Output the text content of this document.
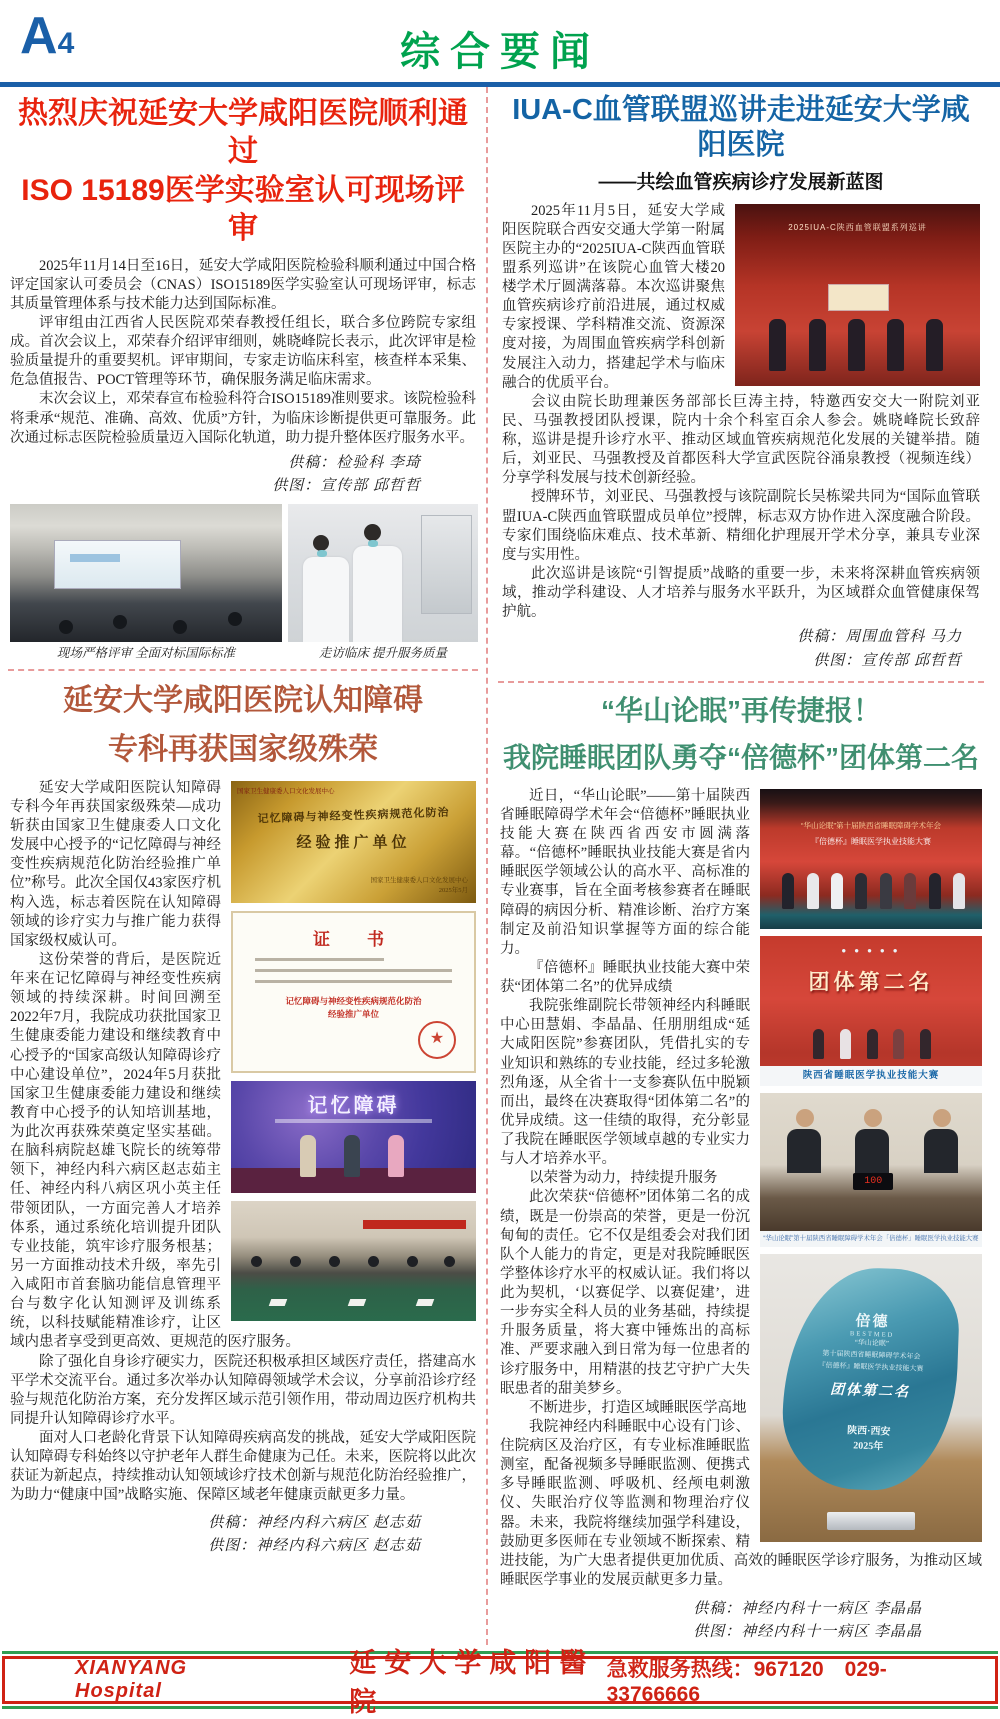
A4	综合要闻
热烈庆祝延安大学咸阳医院顺利通过
ISO 15189医学实验室认可现场评审

2025年11月14日至16日，延安大学咸阳医院检验科顺利通过中国合格评定国家认可委员会（CNAS）ISO15189医学实验室认可现场评审，标志其质量管理体系与技术能力达到国际标准。

评审组由江西省人民医院邓荣春教授任组长，联合多位跨院专家组成。首次会议上，邓荣春介绍评审细则，姚晓峰院长表示，此次评审是检验质量提升的重要契机。评审期间，专家走访临床科室，核查样本采集、危急值报告、POCT管理等环节，确保服务满足临床需求。

末次会议上，邓荣春宣布检验科符合ISO15189准则要求。该院检验科将秉承“规范、准确、高效、优质”方针，为临床诊断提供更可靠服务。此次通过标志医院检验质量迈入国际化轨道，助力提升整体医疗服务水平。

供稿：检验科 李琦
供图：宣传部 邱哲哲
现场严格评审 全面对标国际标准	走访临床 提升服务质量
延安大学咸阳医院认知障碍
专科再获国家级殊荣
国家卫生健康委人口文化发展中心
记忆障碍与神经变性疾病规范化防治
经验推广单位
国家卫生健康委人口文化发展中心
2025年5月
证　书
记忆障碍与神经变性疾病规范化防治
经验推广单位
★
记忆障碍

延安大学咸阳医院认知障碍专科今年再获国家级殊荣—成功斩获由国家卫生健康委人口文化发展中心授予的“记忆障碍与神经变性疾病规范化防治经验推广单位”称号。此次全国仅43家医疗机构入选，标志着医院在认知障碍领域的诊疗实力与推广能力获得国家级权威认可。

这份荣誉的背后，是医院近年来在记忆障碍与神经变性疾病领域的持续深耕。时间回溯至2022年7月，我院成功获批国家卫生健康委能力建设和继续教育中心授予的“国家高级认知障碍诊疗中心建设单位”，2024年5月获批国家卫生健康委能力建设和继续教育中心授予的认知培训基地，为此次再获殊荣奠定坚实基础。在脑科病院赵雄飞院长的统筹带领下，神经内科六病区赵志茹主任、神经内科八病区巩小英主任带领团队，一方面完善人才培养体系，通过系统化培训提升团队专业技能，筑牢诊疗服务根基；另一方面推动技术升级，率先引入咸阳市首套脑功能信息管理平台与数字化认知测评及训练系统，以科技赋能精准诊疗，让区域内患者享受到更高效、更规范的医疗服务。

除了强化自身诊疗硬实力，医院还积极承担区域医疗责任，搭建高水平学术交流平台。通过多次举办认知障碍领域学术会议，分享前沿诊疗经验与规范化防治方案，充分发挥区域示范引领作用，带动周边医疗机构共同提升认知障碍诊疗水平。

面对人口老龄化背景下认知障碍疾病高发的挑战，延安大学咸阳医院认知障碍专科始终以守护老年人群生命健康为己任。未来，医院将以此次获证为新起点，持续推动认知领域诊疗技术创新与规范化防治经验推广，为助力“健康中国”战略实施、保障区域老年健康贡献更多力量。

供稿：神经内科六病区 赵志茹
供图：神经内科六病区 赵志茹
IUA-C血管联盟巡讲走进延安大学咸阳医院
——共绘血管疾病诊疗发展新蓝图
2025IUA-C陕西血管联盟系列巡讲

2025年11月5日，延安大学咸阳医院联合西安交通大学第一附属医院主办的“2025IUA-C陕西血管联盟系列巡讲”在该院心血管大楼20楼学术厅圆满落幕。本次巡讲聚焦血管疾病诊疗前沿进展，通过权威专家授课、学科精准交流、资源深度对接，为周围血管疾病学科创新发展注入动力，搭建起学术与临床融合的优质平台。

会议由院长助理兼医务部部长巨涛主持，特邀西安交大一附院刘亚民、马强教授团队授课，院内十余个科室百余人参会。姚晓峰院长致辞称，巡讲是提升诊疗水平、推动区域血管疾病规范化发展的关键举措。随后，刘亚民、马强教授及首都医科大学宣武医院谷涌泉教授（视频连线）分享学科发展与技术创新经验。

授牌环节，刘亚民、马强教授与该院副院长吴栋梁共同为“国际血管联盟IUA-C陕西血管联盟成员单位”授牌，标志双方协作进入深度融合阶段。专家们围绕临床难点、技术革新、精细化护理展开学术分享，兼具专业深度与实用性。

此次巡讲是该院“引智提质”战略的重要一步，未来将深耕血管疾病领域，推动学科建设、人才培养与服务水平跃升，为区域群众血管健康保驾护航。

供稿：周围血管科 马力
供图：宣传部 邱哲哲
“华山论眠”再传捷报！
我院睡眠团队勇夺“倍德杯”团体第二名
“华山论眠”第十届陕西省睡眠障碍学术年会
『倍德杯』睡眠医学执业技能大赛
● ● ● ● ●
团体第二名
陕西省睡眠医学执业技能大赛
100
“华山论眠”第十届陕西省睡眠障碍学术年会「倍德杯」睡眠医学执业技能大赛
倍德
BESTMED
“华山论眠”
第十届陕西省睡眠障碍学术年会
『倍德杯』睡眠医学执业技能大赛
团体第二名
陕西·西安
2025年

近日，“华山论眠”——第十届陕西省睡眠障碍学术年会“倍德杯”睡眠执业技能大赛在陕西省西安市圆满落幕。“倍德杯”睡眠执业技能大赛是省内睡眠医学领域公认的高水平、高标准的专业赛事，旨在全面考核参赛者在睡眠障碍的病因分析、精准诊断、治疗方案制定及前沿知识掌握等方面的综合能力。

『倍德杯』睡眠执业技能大赛中荣获“团体第二名”的优异成绩

我院张维副院长带领神经内科睡眠中心田慧娟、李晶晶、任朋朋组成“延大咸阳医院”参赛团队，凭借扎实的专业知识和熟练的专业技能，经过多轮激烈角逐，从全省十一支参赛队伍中脱颖而出，最终在决赛取得“团体第二名”的优异成绩。这一佳绩的取得，充分彰显了我院在睡眠医学领域卓越的专业实力与人才培养水平。

以荣誉为动力，持续提升服务

此次荣获“倍德杯”团体第二名的成绩，既是一份崇高的荣誉，更是一份沉甸甸的责任。它不仅是组委会对我们团队个人能力的肯定，更是对我院睡眠医学整体诊疗水平的权威认证。我们将以此为契机，‘以赛促学、以赛促建’，进一步夯实全科人员的业务基础，持续提升服务质量，将大赛中锤炼出的高标准、严要求融入到日常为每一位患者的诊疗服务中，用精湛的技艺守护广大失眠患者的甜美梦乡。

不断进步，打造区域睡眠医学高地

我院神经内科睡眠中心设有门诊、住院病区及治疗区，有专业标准睡眠监测室，配备视频多导睡眠监测、便携式多导睡眠监测、呼吸机、经颅电刺激仪、失眠治疗仪等监测和物理治疗仪器。未来，我院将继续加强学科建设，鼓励更多医师在专业领域不断探索、精进技能，为广大患者提供更加优质、高效的睡眠医学诊疗服务，为推动区域睡眠医学事业的发展贡献更多力量。

供稿：神经内科十一病区 李晶晶
供图：神经内科十一病区 李晶晶
XIANYANGHospital
延安大学咸阳醫院
急救服务热线：967120　029-33766666
